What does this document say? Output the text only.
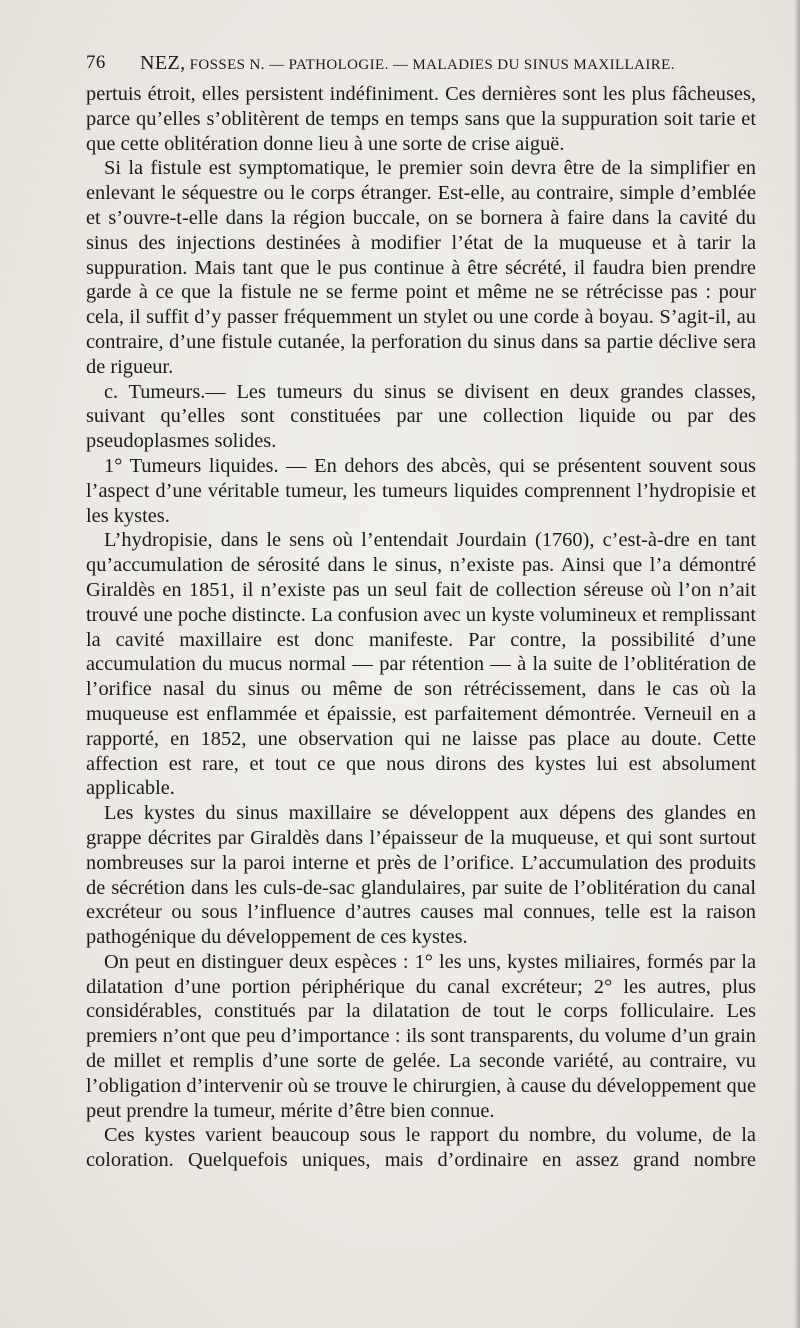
76 NEZ, FOSSES N. — PATHOLOGIE. — MALADIES DU SINUS MAXILLAIRE.

pertuis étroit, elles persistent indéfiniment. Ces dernières sont les plus fâcheuses, parce qu’elles s’oblitèrent de temps en temps sans que la suppuration soit tarie et que cette oblitération donne lieu à une sorte de crise aiguë.

Si la fistule est symptomatique, le premier soin devra être de la simplifier en enlevant le séquestre ou le corps étranger. Est-elle, au contraire, simple d’emblée et s’ouvre-t-elle dans la région buccale, on se bornera à faire dans la cavité du sinus des injections destinées à modifier l’état de la muqueuse et à tarir la suppuration. Mais tant que le pus continue à être sécrété, il faudra bien prendre garde à ce que la fistule ne se ferme point et même ne se rétrécisse pas : pour cela, il suffit d’y passer fréquemment un stylet ou une corde à boyau. S’agit-il, au contraire, d’une fistule cutanée, la perforation du sinus dans sa partie déclive sera de rigueur.

c. Tumeurs.— Les tumeurs du sinus se divisent en deux grandes classes, suivant qu’elles sont constituées par une collection liquide ou par des pseudoplasmes solides.

1° Tumeurs liquides. — En dehors des abcès, qui se présentent souvent sous l’aspect d’une véritable tumeur, les tumeurs liquides comprennent l’hydropisie et les kystes.

L’hydropisie, dans le sens où l’entendait Jourdain (1760), c’est-à-dre en tant qu’accumulation de sérosité dans le sinus, n’existe pas. Ainsi que l’a démontré Giraldès en 1851, il n’existe pas un seul fait de collection séreuse où l’on n’ait trouvé une poche distincte. La confusion avec un kyste volumineux et remplissant la cavité maxillaire est donc manifeste. Par contre, la possibilité d’une accumulation du mucus normal — par rétention — à la suite de l’oblitération de l’orifice nasal du sinus ou même de son rétrécissement, dans le cas où la muqueuse est enflammée et épaissie, est parfaitement démontrée. Verneuil en a rapporté, en 1852, une observation qui ne laisse pas place au doute. Cette affection est rare, et tout ce que nous dirons des kystes lui est absolument applicable.

Les kystes du sinus maxillaire se développent aux dépens des glandes en grappe décrites par Giraldès dans l’épaisseur de la muqueuse, et qui sont surtout nombreuses sur la paroi interne et près de l’orifice. L’accumulation des produits de sécrétion dans les culs-de-sac glandulaires, par suite de l’oblitération du canal excréteur ou sous l’influence d’autres causes mal connues, telle est la raison pathogénique du développement de ces kystes.

On peut en distinguer deux espèces : 1° les uns, kystes miliaires, formés par la dilatation d’une portion périphérique du canal excréteur; 2° les autres, plus considérables, constitués par la dilatation de tout le corps folliculaire. Les premiers n’ont que peu d’importance : ils sont transparents, du volume d’un grain de millet et remplis d’une sorte de gelée. La seconde variété, au contraire, vu l’obligation d’intervenir où se trouve le chirurgien, à cause du développement que peut prendre la tumeur, mérite d’être bien connue.

Ces kystes varient beaucoup sous le rapport du nombre, du volume, de la coloration. Quelquefois uniques, mais d’ordinaire en assez grand nombre
